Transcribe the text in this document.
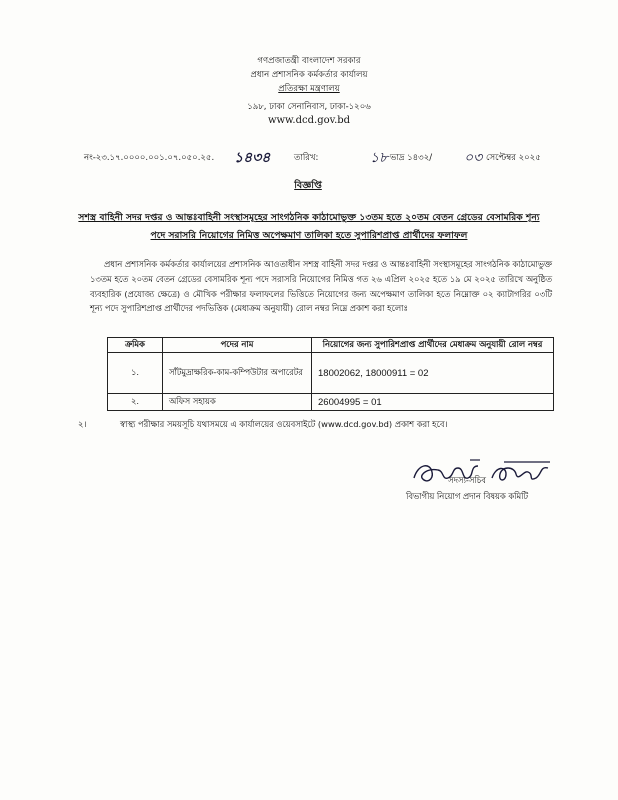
গণপ্রজাতন্ত্রী বাংলাদেশ সরকার
প্রধান প্রশাসনিক কর্মকর্তার কার্যালয়
প্রতিরক্ষা মন্ত্রণালয়
১৯৮, ঢাকা সেনানিবাস, ঢাকা-১২০৬
www.dcd.gov.bd
নং-২৩.১৭.০০০০.০০১.০৭.০৫০.২৫. ১৪৩৪	তারিখ:	১৮ ভাদ্র ১৪৩২/ ০৩ সেপ্টেম্বর ২০২৫
বিজ্ঞপ্তি
সশস্ত্র বাহিনী সদর দপ্তর ও আন্তঃবাহিনী সংস্থাসমূহের সাংগঠনিক কাঠামোভুক্ত ১৩তম হতে ২০তম বেতন গ্রেডের বেসামরিক শূন্য পদে সরাসরি নিয়োগের নিমিত্ত অপেক্ষমাণ তালিকা হতে সুপারিশপ্রাপ্ত প্রার্থীদের ফলাফল
প্রধান প্রশাসনিক কর্মকর্তার কার্যালয়ের প্রশাসনিক আওতাধীন সশস্ত্র বাহিনী সদর দপ্তর ও আন্তঃবাহিনী সংস্থাসমূহের সাংগঠনিক কাঠামোভুক্ত ১৩তম হতে ২০তম বেতন গ্রেডের বেসামরিক শূন্য পদে সরাসরি নিয়োগের নিমিত্ত গত ২৬ এপ্রিল ২০২৫ হতে ১৯ মে ২০২৫ তারিখে অনুষ্ঠিত ব্যবহারিক (প্রযোজ্য ক্ষেত্রে) ও মৌখিক পরীক্ষার ফলাফলের ভিত্তিতে নিয়োগের জন্য অপেক্ষমাণ তালিকা হতে নিম্নোক্ত ০২ ক্যাটাগরির ০৩টি শূন্য পদে সুপারিশপ্রাপ্ত প্রার্থীদের পদভিত্তিক (মেধাক্রম অনুযায়ী) রোল নম্বর নিম্নে প্রকাশ করা হলোঃ
ক্রমিক	পদের নাম	নিয়োগের জন্য সুপারিশপ্রাপ্ত প্রার্থীদের মেধাক্রম অনুযায়ী রোল নম্বর
১.	সাঁটমুদ্রাক্ষরিক-কাম-কম্পিউটার অপারেটর	18002062, 18000911 = 02
২.	অফিস সহায়ক	26004995 = 01
২।	স্বাস্থ্য পরীক্ষার সময়সূচি যথাসময়ে এ কার্যালয়ের ওয়েবসাইটে (www.dcd.gov.bd) প্রকাশ করা হবে।
সদস্য-সচিব
বিভাগীয় নিয়োগ প্রদান বিষয়ক কমিটি
